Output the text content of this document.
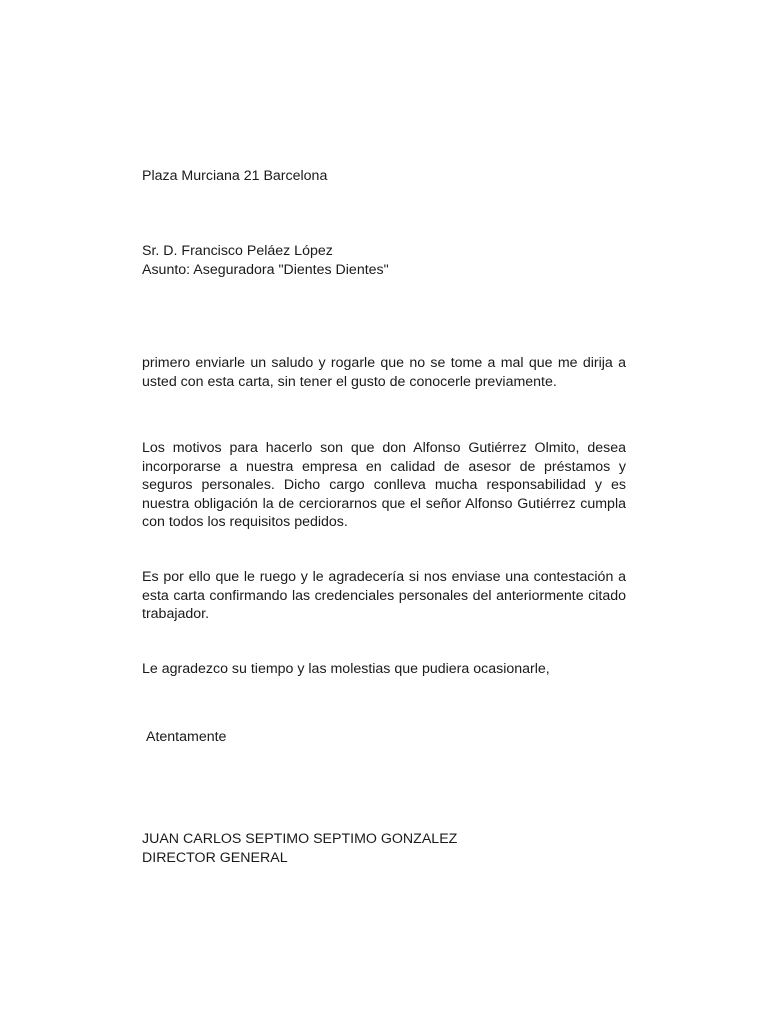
Plaza Murciana 21 Barcelona

Sr. D. Francisco Peláez López
Asunto: Aseguradora "Dientes Dientes"

primero enviarle un saludo y rogarle que no se tome a mal que me dirija a usted con esta carta, sin tener el gusto de conocerle previamente.

Los motivos para hacerlo son que don Alfonso Gutiérrez Olmito, desea incorporarse a nuestra empresa en calidad de asesor de préstamos y seguros personales. Dicho cargo conlleva mucha responsabilidad y es nuestra obligación la de cerciorarnos que el señor Alfonso Gutiérrez cumpla con todos los requisitos pedidos.

Es por ello que le ruego y le agradecería si nos enviase una contestación a esta carta confirmando las credenciales personales del anteriormente citado trabajador.

Le agradezco su tiempo y las molestias que pudiera ocasionarle,

Atentamente

JUAN CARLOS SEPTIMO SEPTIMO GONZALEZ
DIRECTOR GENERAL
